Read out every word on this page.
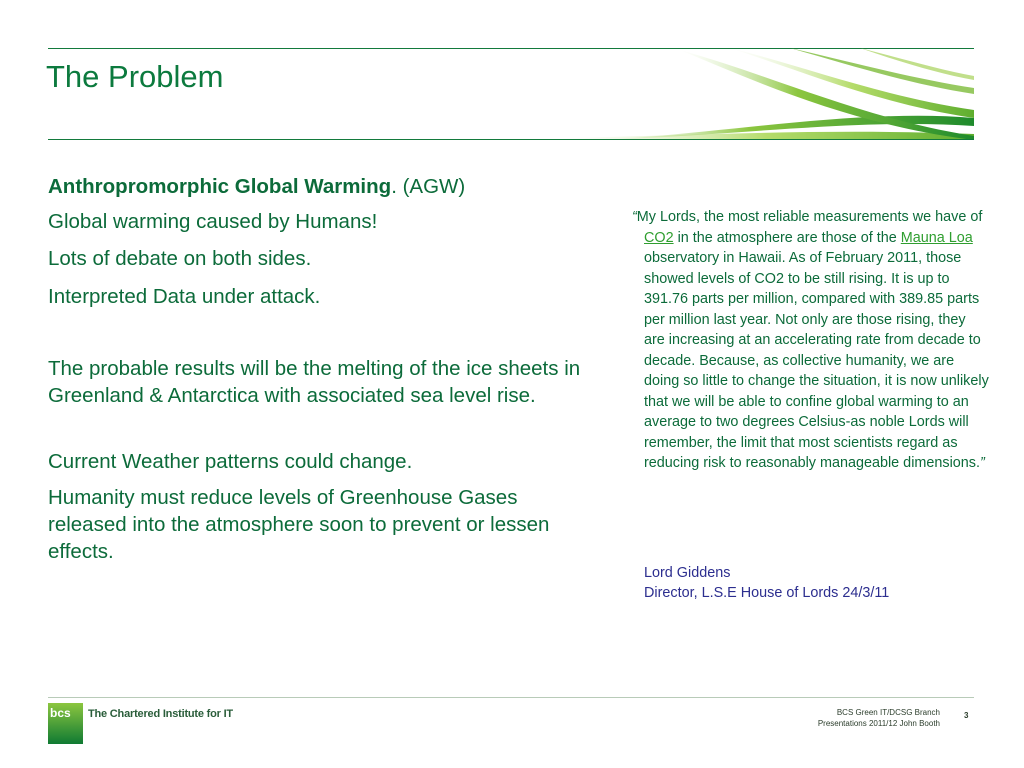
The Problem

Anthropromorphic Global Warming. (AGW)

Global warming caused by Humans!

Lots of debate on both sides.

Interpreted Data under attack.

The probable results will be the melting of the ice sheets in Greenland & Antarctica with associated sea level rise.

Current Weather patterns could change.

Humanity must reduce levels of Greenhouse Gases released into the atmosphere soon to prevent or lessen effects.

“My Lords, the most reliable measurements we have of CO2 in the atmosphere are those of the Mauna Loa observatory in Hawaii. As of February 2011, those showed levels of CO2 to be still rising. It is up to 391.76 parts per million, compared with 389.85 parts per million last year. Not only are those rising, they are increasing at an accelerating rate from decade to decade. Because, as collective humanity, we are doing so little to change the situation, it is now unlikely that we will be able to confine global warming to an average to two degrees Celsius-as noble Lords will remember, the limit that most scientists regard as reducing risk to reasonably manageable dimensions.”
Lord Giddens
Director, L.S.E House of Lords 24/3/11
bcs The Chartered Institute for IT	BCS Green IT/DCSG Branch
Presentations 2011/12 John Booth
3
